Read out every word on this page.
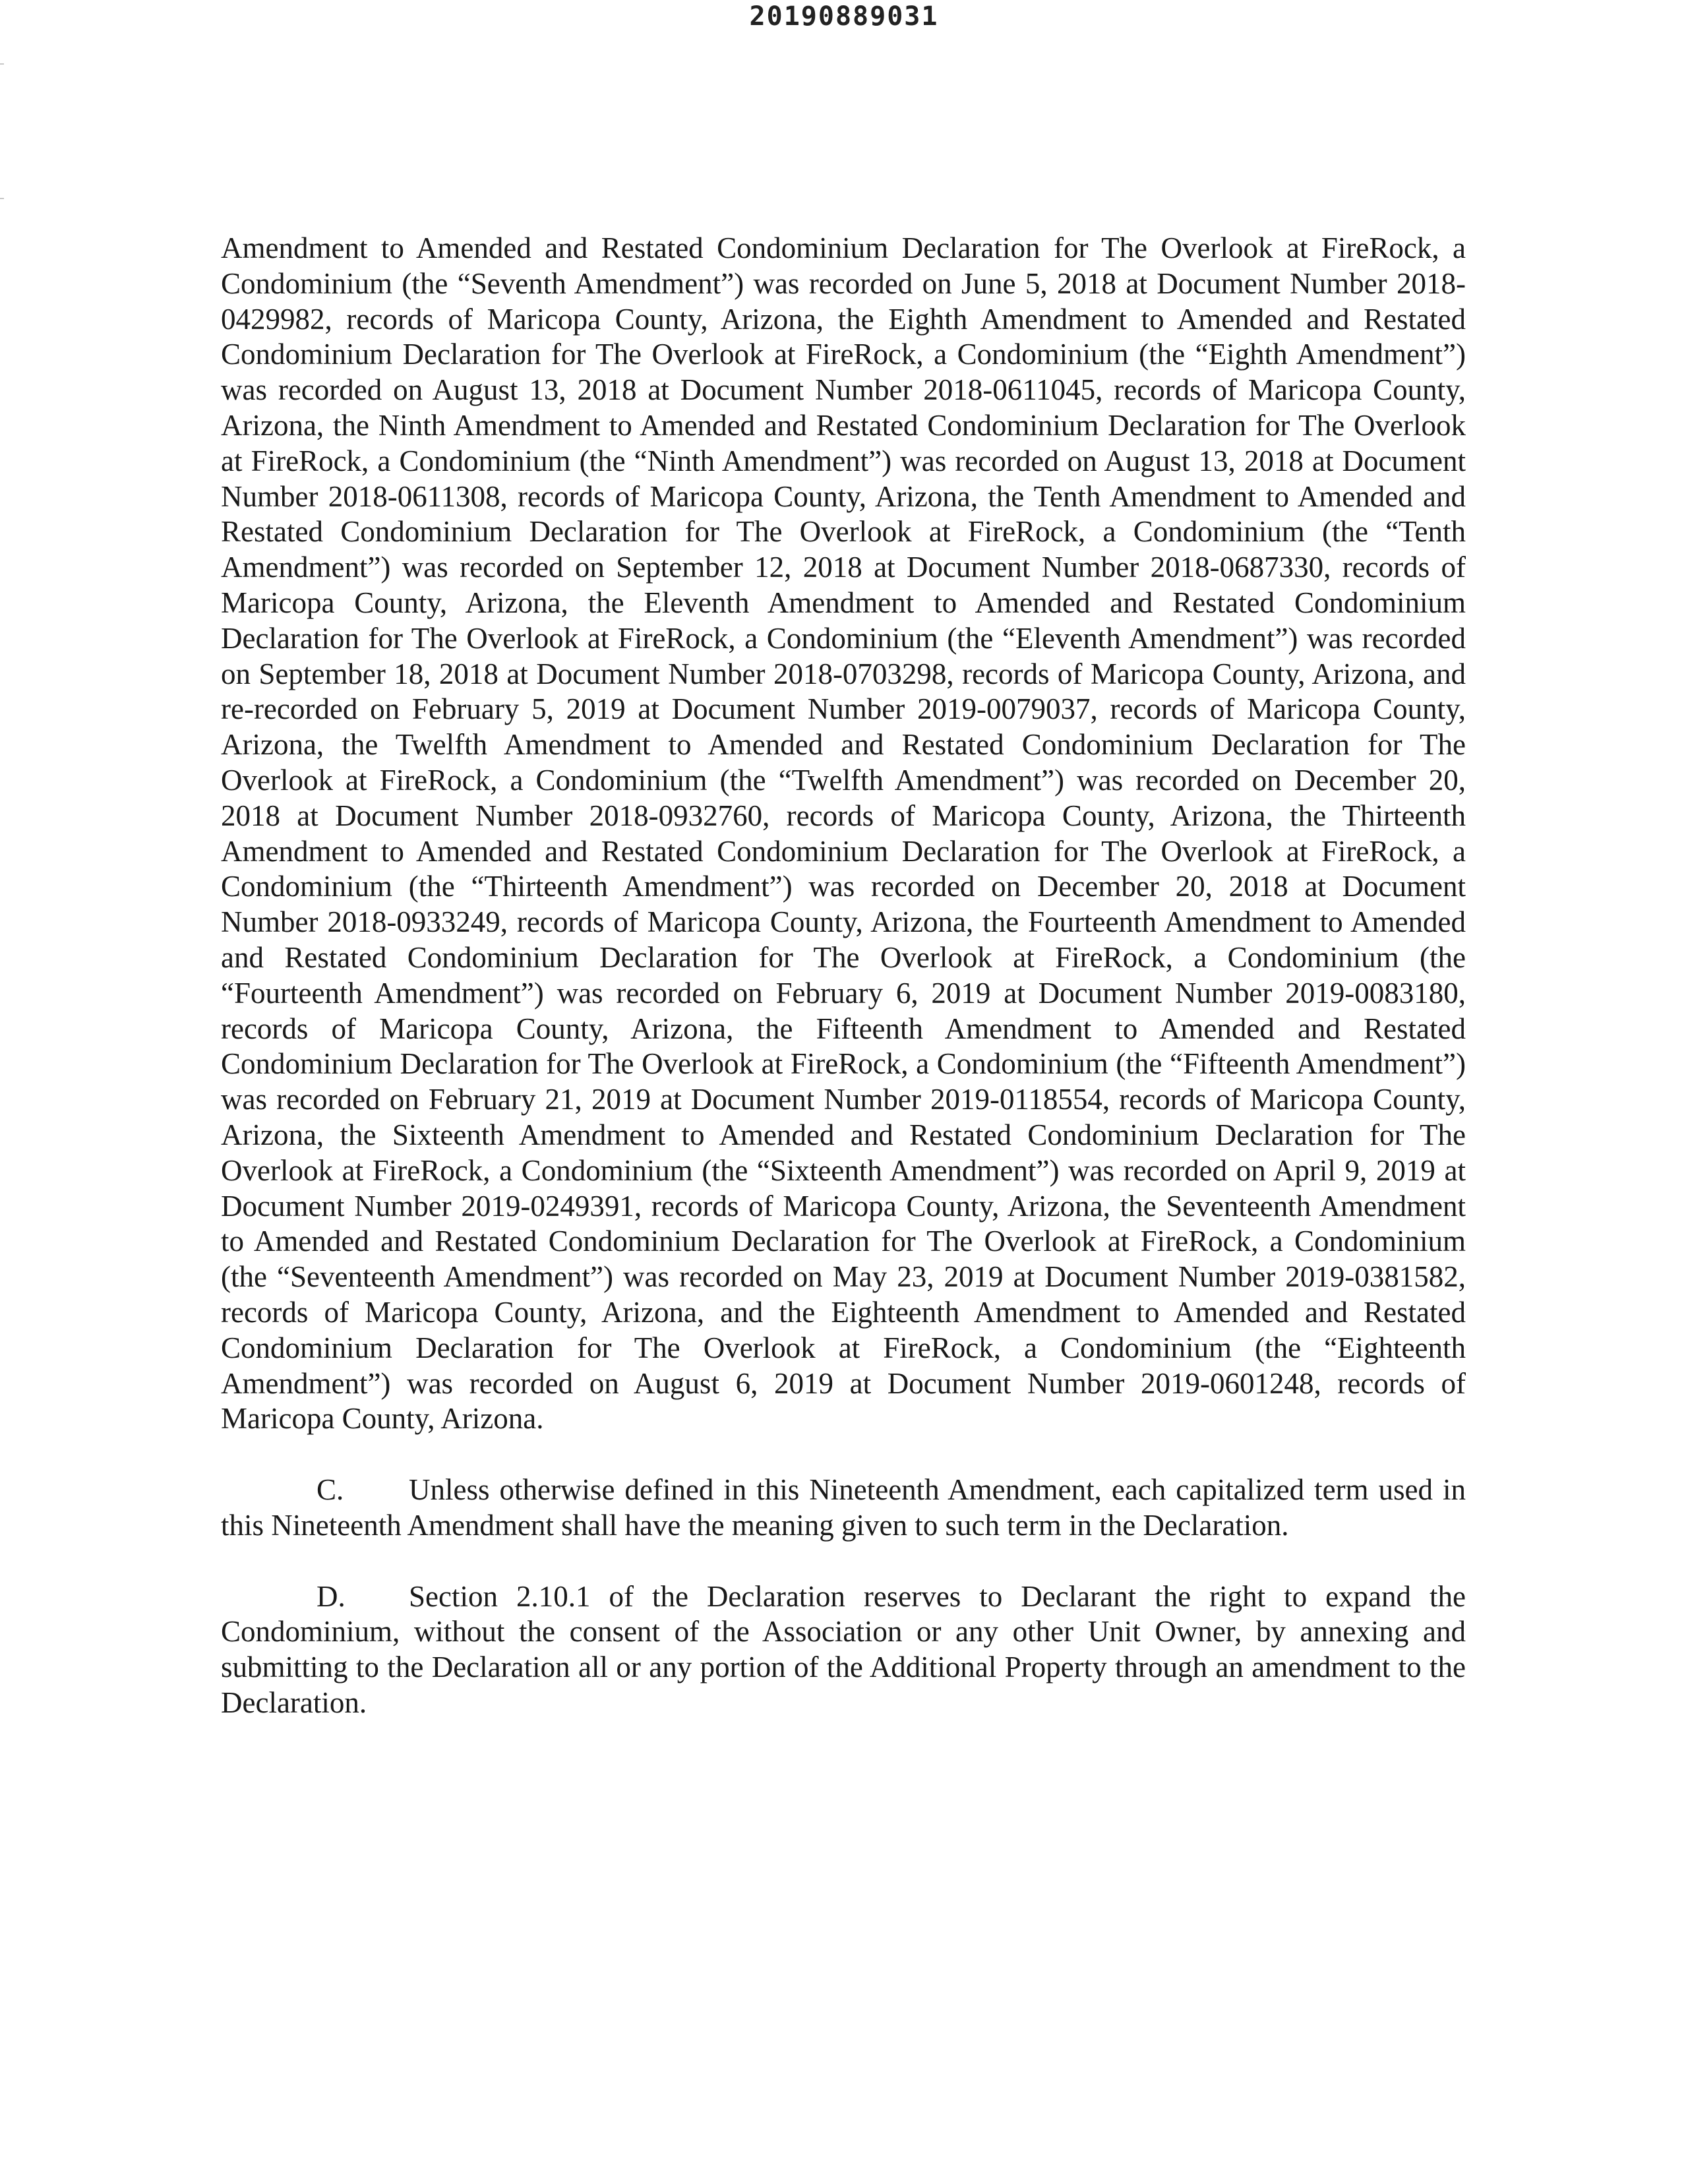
20190889031

Amendment to Amended and Restated Condominium Declaration for The Overlook at FireRock, a Condominium (the “Seventh Amendment”) was recorded on June 5, 2018 at Document Number 2018-0429982, records of Maricopa County, Arizona, the Eighth Amendment to Amended and Restated Condominium Declaration for The Overlook at FireRock, a Condominium (the “Eighth Amendment”) was recorded on August 13, 2018 at Document Number 2018-0611045, records of Maricopa County, Arizona, the Ninth Amendment to Amended and Restated Condominium Declaration for The Overlook at FireRock, a Condominium (the “Ninth Amendment”) was recorded on August 13, 2018 at Document Number 2018-0611308, records of Maricopa County, Arizona, the Tenth Amendment to Amended and Restated Condominium Declaration for The Overlook at FireRock, a Condominium (the “Tenth Amendment”) was recorded on September 12, 2018 at Document Number 2018-0687330, records of Maricopa County, Arizona, the Eleventh Amendment to Amended and Restated Condominium Declaration for The Overlook at FireRock, a Condominium (the “Eleventh Amendment”) was recorded on September 18, 2018 at Document Number 2018-0703298, records of Maricopa County, Arizona, and re-recorded on February 5, 2019 at Document Number 2019-0079037, records of Maricopa County, Arizona, the Twelfth Amendment to Amended and Restated Condominium Declaration for The Overlook at FireRock, a Condominium (the “Twelfth Amendment”) was recorded on December 20, 2018 at Document Number 2018-0932760, records of Maricopa County, Arizona, the Thirteenth Amendment to Amended and Restated Condominium Declaration for The Overlook at FireRock, a Condominium (the “Thirteenth Amendment”) was recorded on December 20, 2018 at Document Number 2018-0933249, records of Maricopa County, Arizona, the Fourteenth Amendment to Amended and Restated Condominium Declaration for The Overlook at FireRock, a Condominium (the “Fourteenth Amendment”) was recorded on February 6, 2019 at Document Number 2019-0083180, records of Maricopa County, Arizona, the Fifteenth Amendment to Amended and Restated Condominium Declaration for The Overlook at FireRock, a Condominium (the “Fifteenth Amendment”) was recorded on February 21, 2019 at Document Number 2019-0118554, records of Maricopa County, Arizona, the Sixteenth Amendment to Amended and Restated Condominium Declaration for The Overlook at FireRock, a Condominium (the “Sixteenth Amendment”) was recorded on April 9, 2019 at Document Number 2019-0249391, records of Maricopa County, Arizona, the Seventeenth Amendment to Amended and Restated Condominium Declaration for The Overlook at FireRock, a Condominium (the “Seventeenth Amendment”) was recorded on May 23, 2019 at Document Number 2019-0381582, records of Maricopa County, Arizona, and the Eighteenth Amendment to Amended and Restated Condominium Declaration for The Overlook at FireRock, a Condominium (the “Eighteenth Amendment”) was recorded on August 6, 2019 at Document Number 2019-0601248, records of Maricopa County, Arizona.

C. Unless otherwise defined in this Nineteenth Amendment, each capitalized term used in this Nineteenth Amendment shall have the meaning given to such term in the Declaration.

D. Section 2.10.1 of the Declaration reserves to Declarant the right to expand the Condominium, without the consent of the Association or any other Unit Owner, by annexing and submitting to the Declaration all or any portion of the Additional Property through an amendment to the Declaration.
